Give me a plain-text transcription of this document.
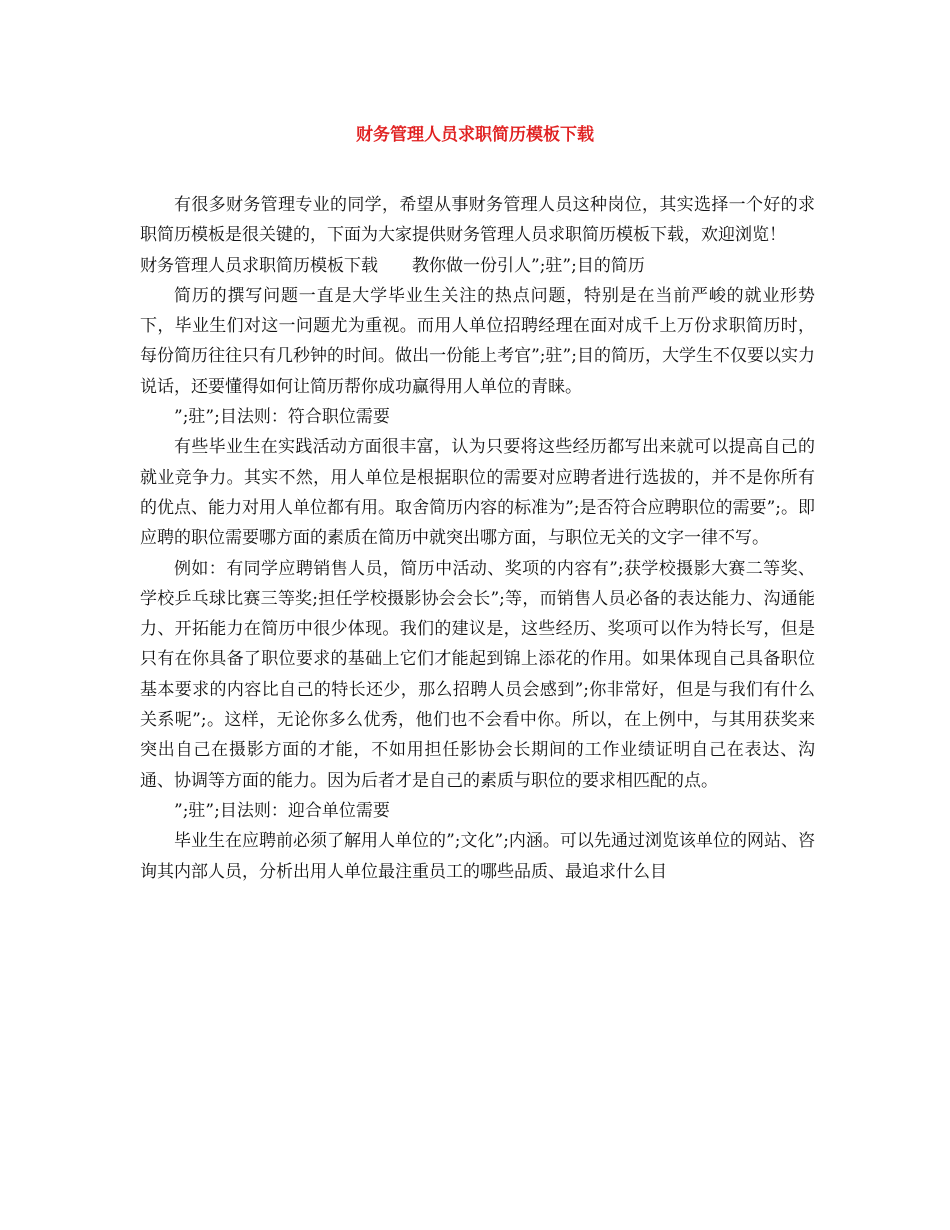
财务管理人员求职简历模板下载

有很多财务管理专业的同学，希望从事财务管理人员这种岗位，其实选择一个好的求职简历模板是很关键的，下面为大家提供财务管理人员求职简历模板下载，欢迎浏览！

财务管理人员求职简历模板下载　　教你做一份引人”;驻”;目的简历

简历的撰写问题一直是大学毕业生关注的热点问题，特别是在当前严峻的就业形势下，毕业生们对这一问题尤为重视。而用人单位招聘经理在面对成千上万份求职简历时，每份简历往往只有几秒钟的时间。做出一份能上考官”;驻”;目的简历，大学生不仅要以实力说话，还要懂得如何让简历帮你成功赢得用人单位的青睐。

”;驻”;目法则：符合职位需要

有些毕业生在实践活动方面很丰富，认为只要将这些经历都写出来就可以提高自己的就业竞争力。其实不然，用人单位是根据职位的需要对应聘者进行选拔的，并不是你所有的优点、能力对用人单位都有用。取舍简历内容的标准为”;是否符合应聘职位的需要”;。即应聘的职位需要哪方面的素质在简历中就突出哪方面，与职位无关的文字一律不写。

例如：有同学应聘销售人员，简历中活动、奖项的内容有”;获学校摄影大赛二等奖、学校乒乓球比赛三等奖;担任学校摄影协会会长”;等，而销售人员必备的表达能力、沟通能力、开拓能力在简历中很少体现。我们的建议是，这些经历、奖项可以作为特长写，但是只有在你具备了职位要求的基础上它们才能起到锦上添花的作用。如果体现自己具备职位基本要求的内容比自己的特长还少，那么招聘人员会感到”;你非常好，但是与我们有什么关系呢”;。这样，无论你多么优秀，他们也不会看中你。所以，在上例中，与其用获奖来突出自己在摄影方面的才能，不如用担任影协会长期间的工作业绩证明自己在表达、沟通、协调等方面的能力。因为后者才是自己的素质与职位的要求相匹配的点。

”;驻”;目法则：迎合单位需要

毕业生在应聘前必须了解用人单位的”;文化”;内涵。可以先通过浏览该单位的网站、咨询其内部人员，分析出用人单位最注重员工的哪些品质、最追求什么目
